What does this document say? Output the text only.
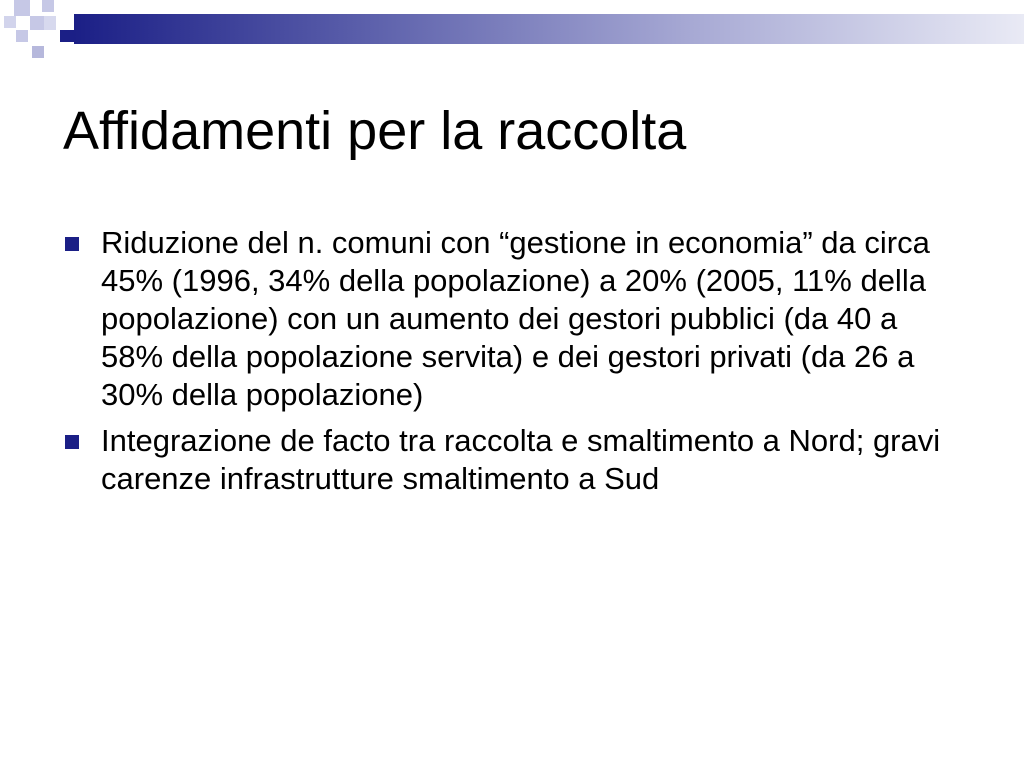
Affidamenti per la raccolta
Riduzione del n. comuni con “gestione in economia” da circa 45% (1996, 34% della popolazione) a 20% (2005, 11% della popolazione) con un aumento dei gestori pubblici (da 40 a 58% della popolazione servita) e dei gestori privati (da 26 a 30% della popolazione)
Integrazione de facto tra raccolta e smaltimento a Nord; gravi carenze infrastrutture smaltimento a Sud
